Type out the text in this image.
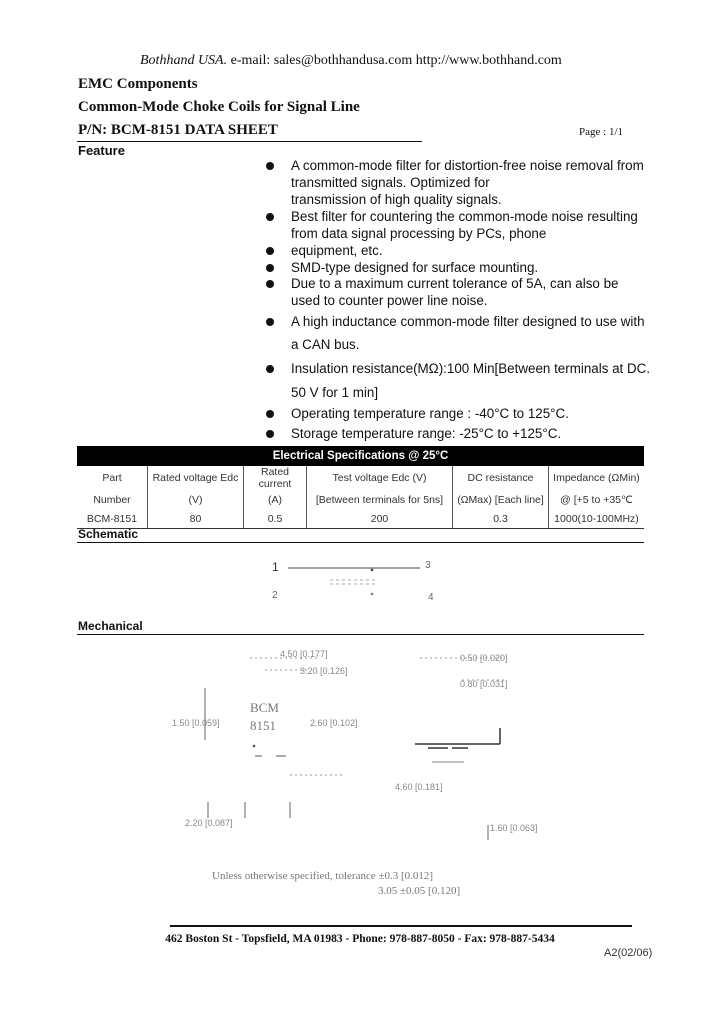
Bothhand USA. e-mail: sales@bothhandusa.com http://www.bothhand.com
EMC Components
Common-Mode Choke Coils for Signal Line
P/N: BCM-8151 DATA SHEET	Page : 1/1
Feature
A common-mode filter for distortion-free noise removal from transmitted signals. Optimized for
transmission of high quality signals.
Best filter for countering the common-mode noise resulting from data signal processing by PCs, phone
equipment, etc.
SMD-type designed for surface mounting.
Due to a maximum current tolerance of 5A, can also be used to counter power line noise.
A high inductance common-mode filter designed to use with
a CAN bus.
Insulation resistance(MΩ):100 Min[Between terminals at DC.
50 V for 1 min]
Operating temperature range : -40°C to 125°C.
Storage temperature range: -25°C to +125°C.
Electrical Specifications @ 25°C					
Part	Rated voltage Edc	Rated current	Test voltage Edc (V)	DC resistance	Impedance (ΩMin)
Number	(V)	(A)	[Between terminals for 5ns]	(ΩMax) [Each line]	@ [+5 to +35℃
BCM-8151	80	0.5	200	0.3	1000(10-100MHz)
Schematic
1
2
3
4
Mechanical
BCM
8151
4.50 [0.177]
3.20 [0.126]
1.50 [0.059]	2.60 [0.102]
0.50 [0.020]
0.80 [0.031]
4.60 [0.181]
1.60 [0.063]
2.20 [0.087]
Unless otherwise specified, tolerance ±0.3 [0.012]
3.05 ±0.05 [0.120]
462 Boston St - Topsfield, MA 01983 - Phone: 978-887-8050 - Fax: 978-887-5434
A2(02/06)
